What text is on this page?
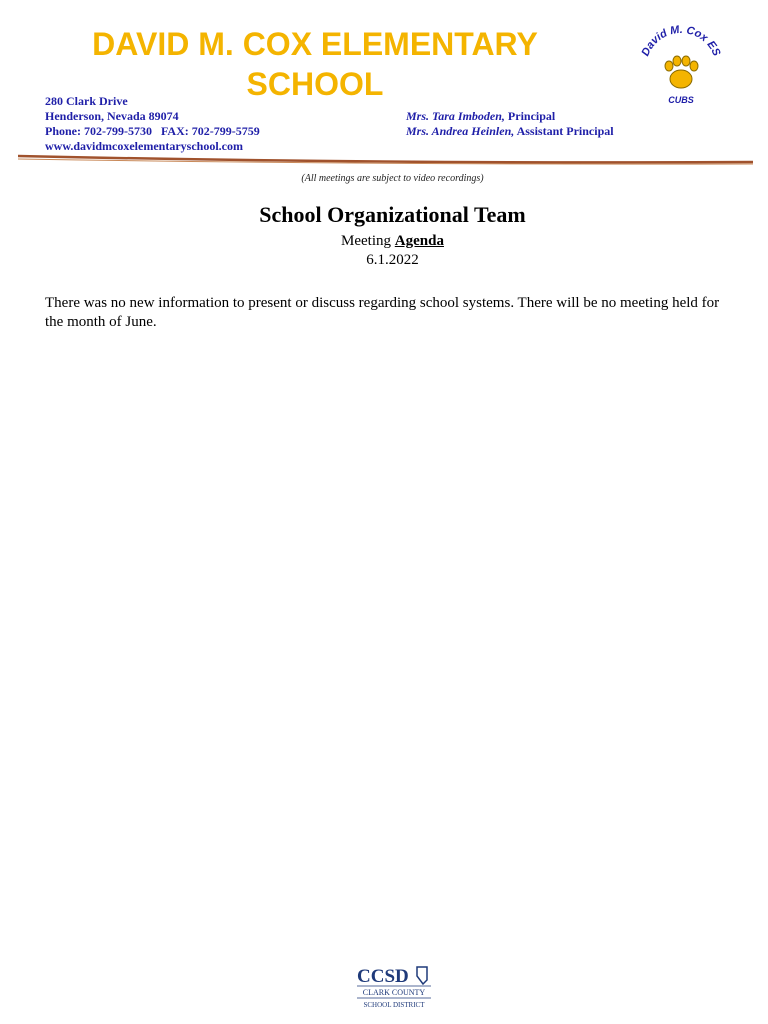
DAVID M. COX ELEMENTARY SCHOOL
280 Clark Drive
Henderson, Nevada 89074
Phone: 702-799-5730   FAX: 702-799-5759
www.davidmcoxelementaryschool.com
Mrs. Tara Imboden, Principal
Mrs. Andrea Heinlen, Assistant Principal
David M. Cox ES
CUBS
(All meetings are subject to video recordings)
School Organizational Team
Meeting Agenda
6.1.2022

There was no new information to present or discuss regarding school systems. There will be no meeting held for the month of June.

CCSD
CLARK COUNTY
SCHOOL DISTRICT
